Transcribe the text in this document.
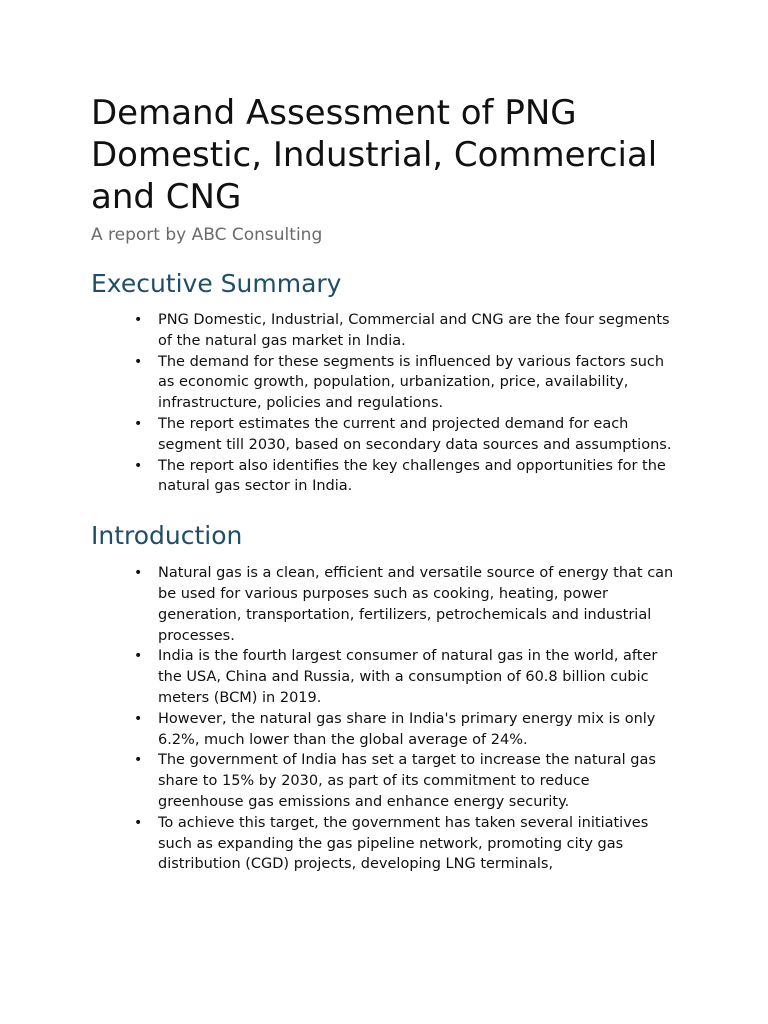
Demand Assessment of PNG Domestic, Industrial, Commercial and CNG
A report by ABC Consulting
Executive Summary
• PNG Domestic, Industrial, Commercial and CNG are the four segments of the natural gas market in India.
• The demand for these segments is influenced by various factors such as economic growth, population, urbanization, price, availability, infrastructure, policies and regulations.
• The report estimates the current and projected demand for each segment till 2030, based on secondary data sources and assumptions.
• The report also identifies the key challenges and opportunities for the natural gas sector in India.
Introduction
• Natural gas is a clean, efficient and versatile source of energy that can be used for various purposes such as cooking, heating, power generation, transportation, fertilizers, petrochemicals and industrial processes.
• India is the fourth largest consumer of natural gas in the world, after the USA, China and Russia, with a consumption of 60.8 billion cubic meters (BCM) in 2019.
• However, the natural gas share in India's primary energy mix is only 6.2%, much lower than the global average of 24%.
• The government of India has set a target to increase the natural gas share to 15% by 2030, as part of its commitment to reduce greenhouse gas emissions and enhance energy security.
• To achieve this target, the government has taken several initiatives such as expanding the gas pipeline network, promoting city gas distribution (CGD) projects, developing LNG terminals,
